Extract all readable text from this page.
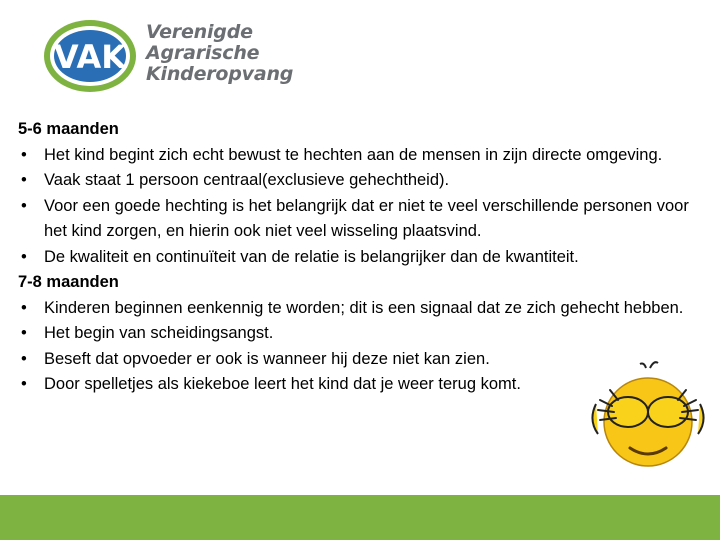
VAK
Verenigde
Agrarische
Kinderopvang
5-6 maanden
• Het kind begint zich echt bewust te hechten aan de mensen in zijn directe omgeving.
• Vaak staat 1 persoon centraal(exclusieve gehechtheid).
• Voor een goede hechting is het belangrijk dat er niet te veel verschillende personen voor het kind zorgen, en hierin ook niet veel wisseling plaatsvind.
• De kwaliteit en continuïteit van de relatie is belangrijker dan de kwantiteit.
7-8 maanden
• Kinderen beginnen eenkennig te worden; dit is een signaal dat ze zich gehecht hebben.
• Het begin van scheidingsangst.
• Beseft dat opvoeder er ook is wanneer hij deze niet kan zien.
• Door spelletjes als kiekeboe leert het kind dat je weer terug komt.
